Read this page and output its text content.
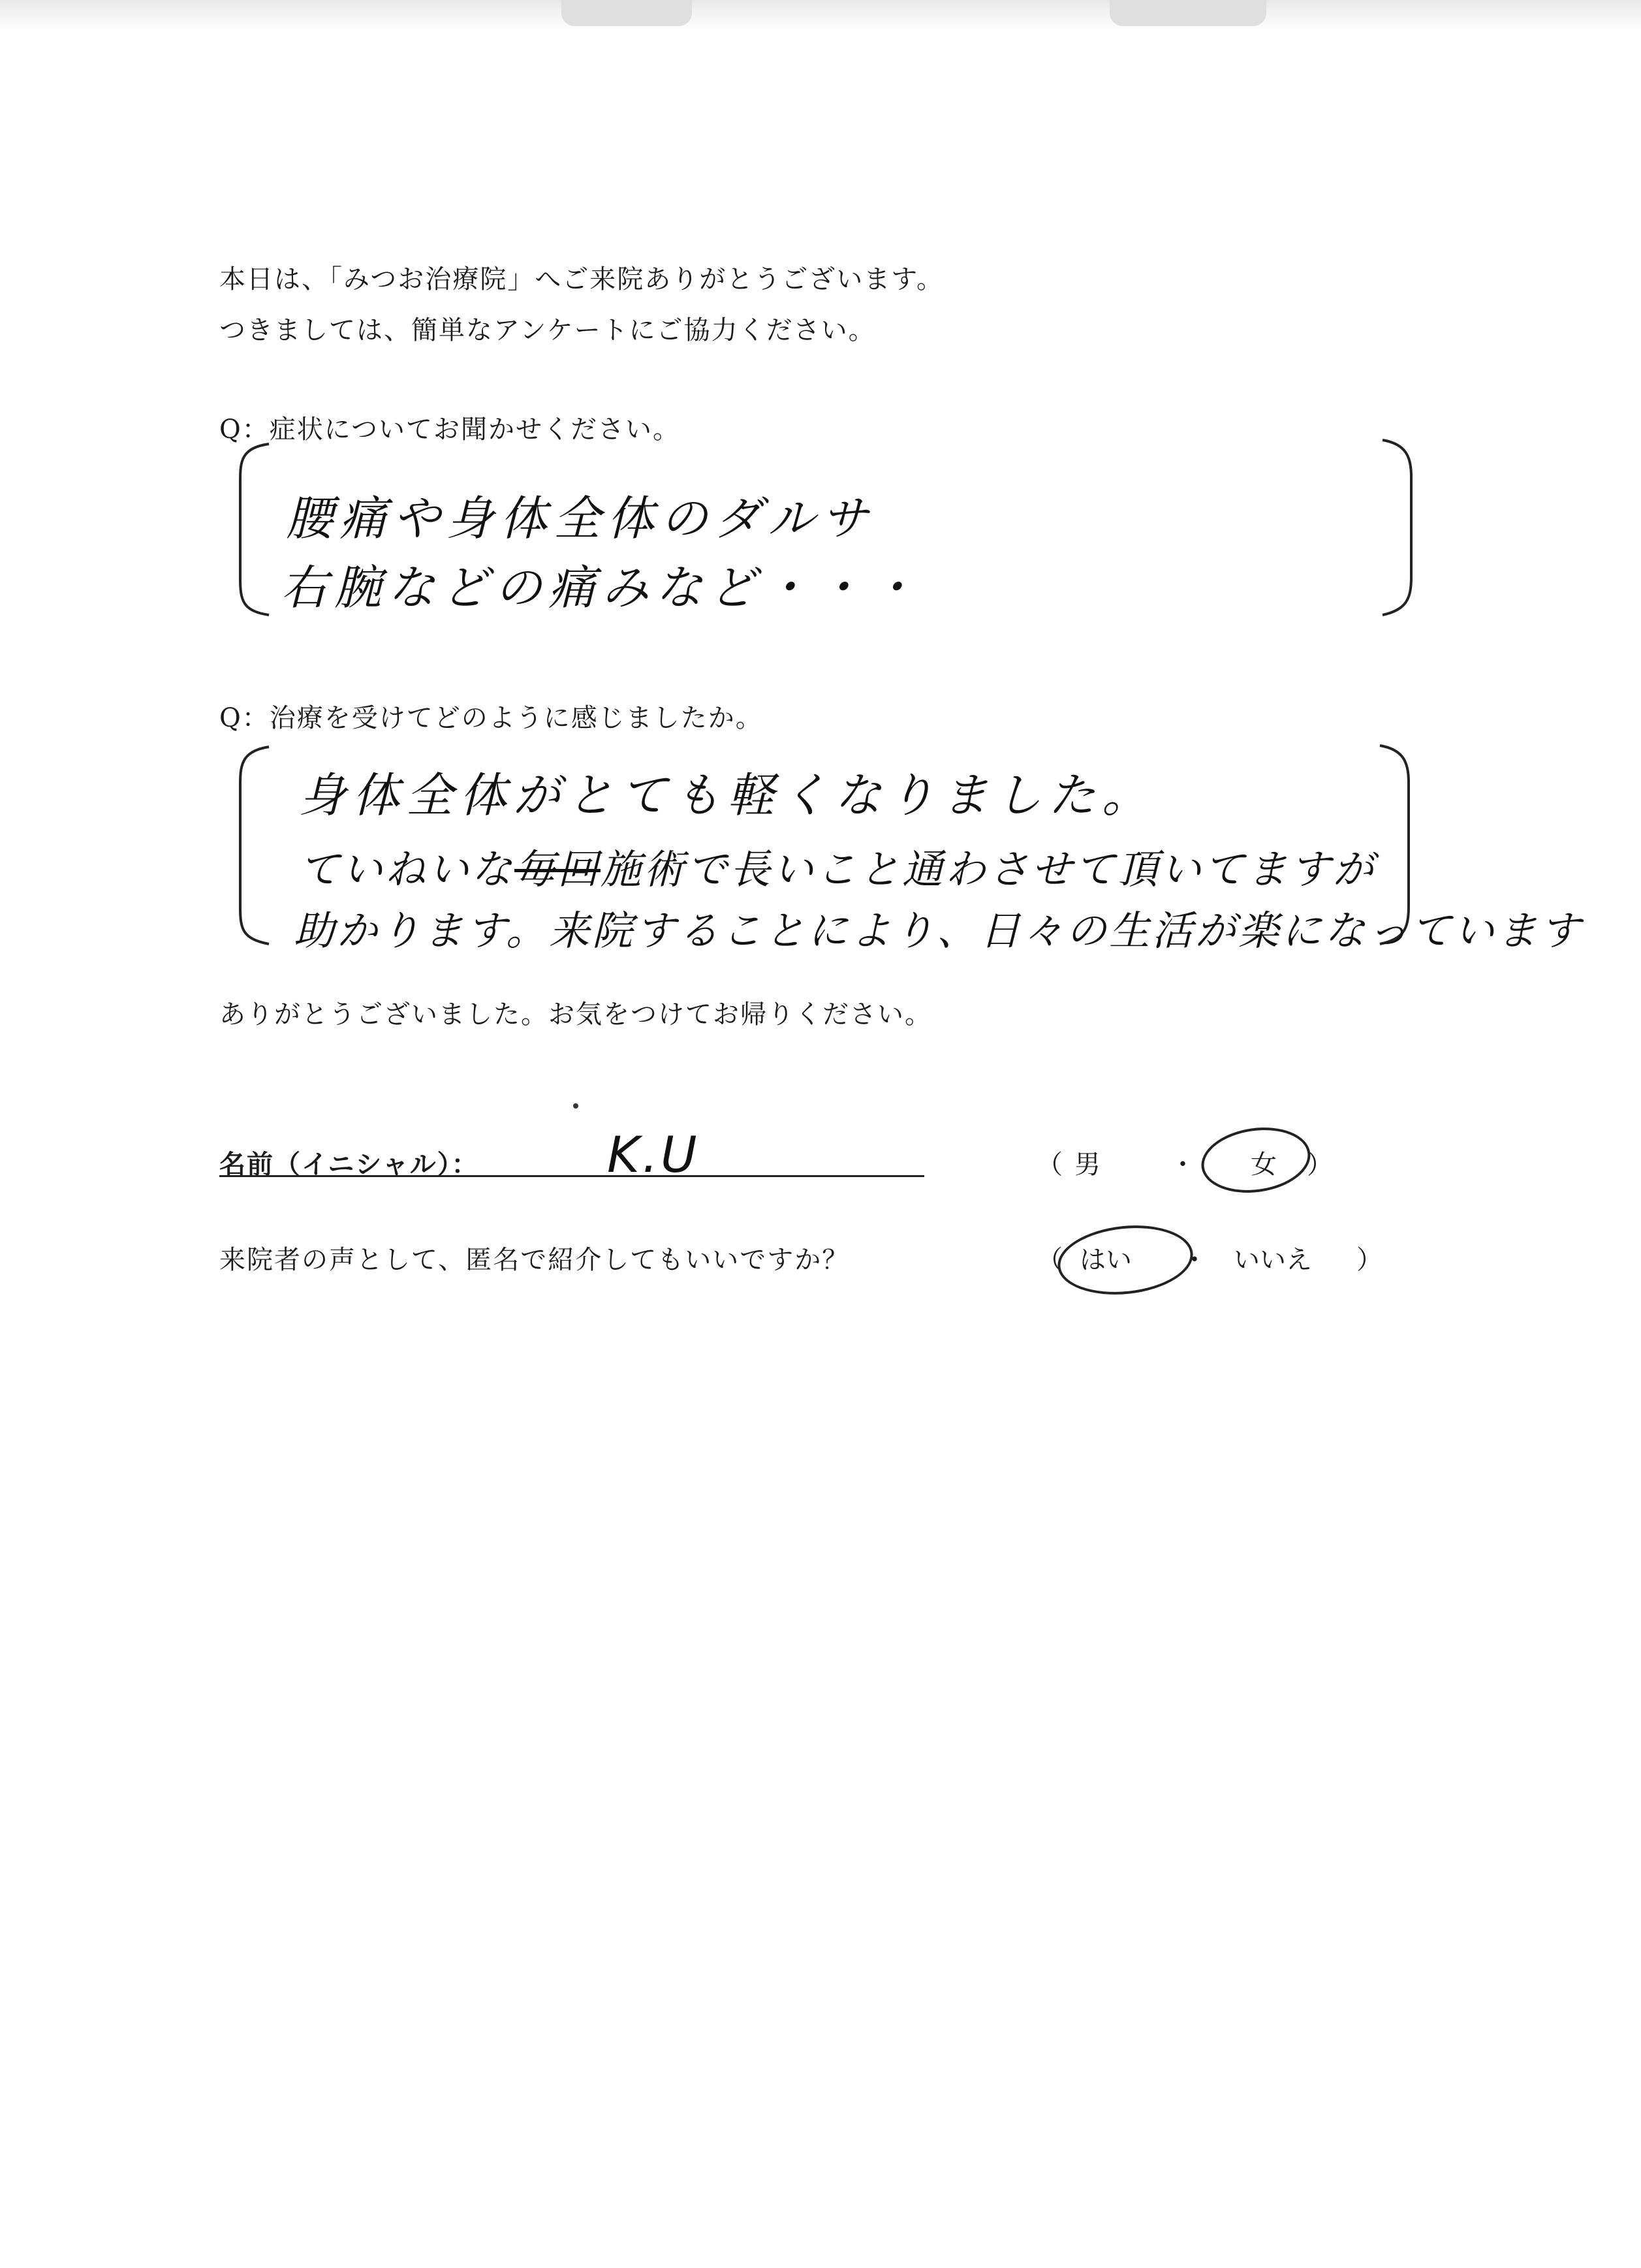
本日は、「みつお治療院」へご来院ありがとうございます。
つきましては、簡単なアンケートにご協力ください。
Q：症状についてお聞かせください。
腰痛や身体全体のダルサ
右腕などの痛みなど・・・
Q：治療を受けてどのように感じましたか。
身体全体がとても軽くなりました。
ていねいな毎回施術で長いこと通わさせて頂いてますが
助かります。来院することにより、日々の生活が楽になっています
ありがとうございました。お気をつけてお帰りください。
名前（イニシャル）：	K.U	（ 男	・ 女 ）
来院者の声として、匿名で紹介してもいいですか？	（ はい ・ いいえ ）
